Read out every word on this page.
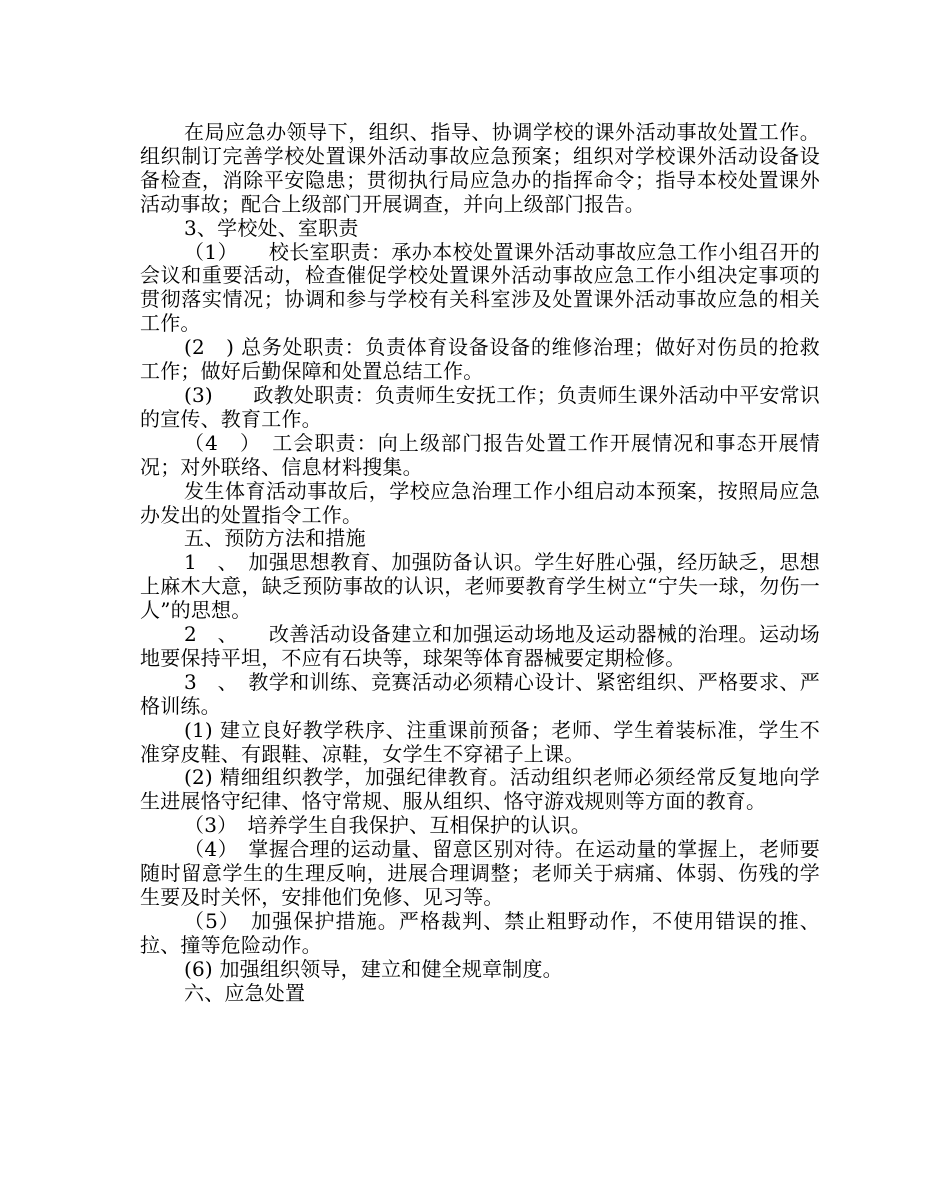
在局应急办领导下，组织、指导、协调学校的课外活动事故处置工作。组织制订完善学校处置课外活动事故应急预案；组织对学校课外活动设备设备检查，消除平安隐患；贯彻执行局应急办的指挥命令；指导本校处置课外活动事故；配合上级部门开展调查，并向上级部门报告。

3、学校处、室职责

（1）　　校长室职责：承办本校处置课外活动事故应急工作小组召开的会议和重要活动，检查催促学校处置课外活动事故应急工作小组决定事项的贯彻落实情况；协调和参与学校有关科室涉及处置课外活动事故应急的相关工作。

(2　) 总务处职责：负责体育设备设备的维修治理；做好对伤员的抢救工作；做好后勤保障和处置总结工作。

(3)　　政教处职责：负责师生安抚工作；负责师生课外活动中平安常识的宣传、教育工作。

（4　）　工会职责：向上级部门报告处置工作开展情况和事态开展情况；对外联络、信息材料搜集。

发生体育活动事故后，学校应急治理工作小组启动本预案，按照局应急办发出的处置指令工作。

五、预防方法和措施

1　、　加强思想教育、加强防备认识。学生好胜心强，经历缺乏，思想上麻木大意，缺乏预防事故的认识，老师要教育学生树立“宁失一球，勿伤一人”的思想。

2　、　　改善活动设备建立和加强运动场地及运动器械的治理。运动场地要保持平坦，不应有石块等，球架等体育器械要定期检修。

3　、　教学和训练、竞赛活动必须精心设计、紧密组织、严格要求、严格训练。

(1) 建立良好教学秩序、注重课前预备；老师、学生着装标准，学生不准穿皮鞋、有跟鞋、凉鞋，女学生不穿裙子上课。

(2) 精细组织教学，加强纪律教育。活动组织老师必须经常反复地向学生进展恪守纪律、恪守常规、服从组织、恪守游戏规则等方面的教育。

（3）　培养学生自我保护、互相保护的认识。

（4）　掌握合理的运动量、留意区别对待。在运动量的掌握上，老师要随时留意学生的生理反响，进展合理调整；老师关于病痛、体弱、伤残的学生要及时关怀，安排他们免修、见习等。

（5）　加强保护措施。严格裁判、禁止粗野动作，不使用错误的推、拉、撞等危险动作。

(6) 加强组织领导，建立和健全规章制度。

六、应急处置
